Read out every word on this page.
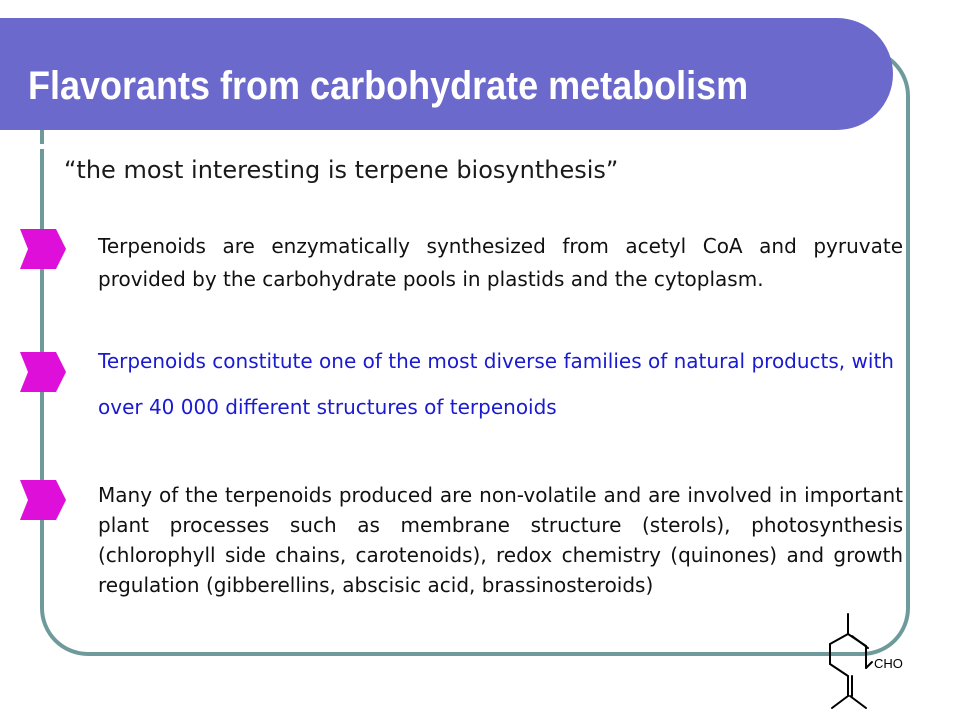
Flavorants from carbohydrate metabolism
“the most interesting is terpene biosynthesis”

Terpenoids are enzymatically synthesized from acetyl CoA and pyruvate provided by the carbohydrate pools in plastids and the cytoplasm.

Terpenoids constitute one of the most diverse families of natural products, with over 40 000 different structures of terpenoids

Many of the terpenoids produced are non-volatile and are involved in important plant processes such as membrane structure (sterols), photosynthesis (chlorophyll side chains, carotenoids), redox chemistry (quinones) and growth regulation (gibberellins, abscisic acid, brassinosteroids)

CHO
